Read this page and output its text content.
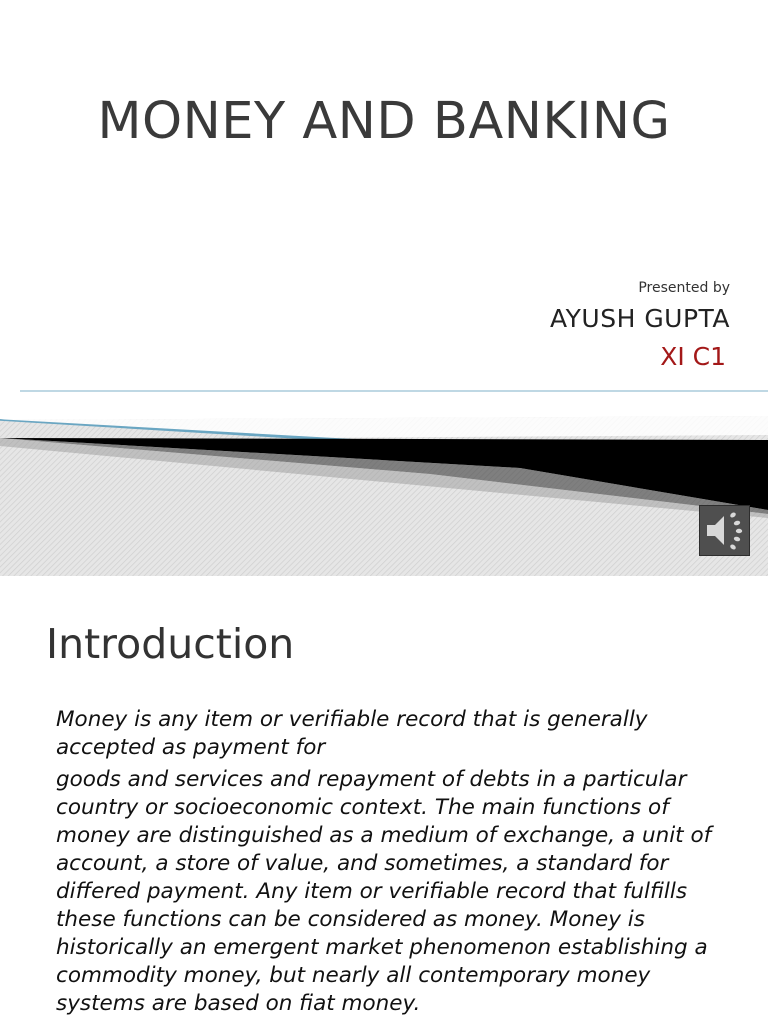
MONEY AND BANKING
Presented by
AYUSH GUPTA
XI C1
Introduction

Money is any item or verifiable record that is generally accepted as payment for

goods and services and repayment of debts in a particular country or socioeconomic context. The main functions of money are distinguished as a medium of exchange, a unit of account, a store of value, and sometimes, a standard for differed payment. Any item or verifiable record that fulfills these functions can be considered as money. Money is historically an emergent market phenomenon establishing a commodity money, but nearly all contemporary money systems are based on fiat money.
